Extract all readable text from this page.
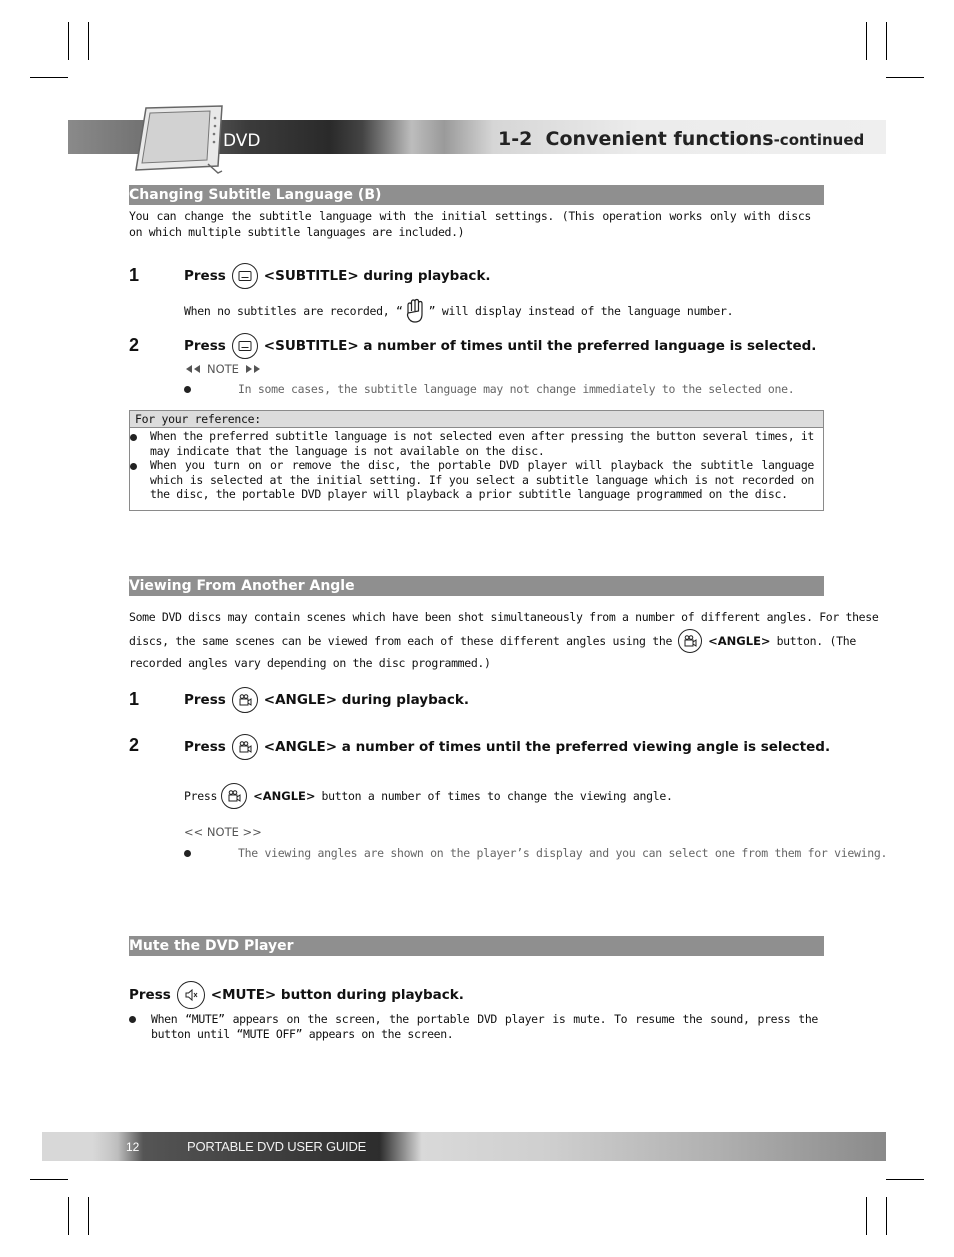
DVD	1-2  Convenient functions-continued
Changing Subtitle Language (B)
You can change the subtitle language with the initial settings. (This operation works only with discs on which multiple subtitle languages are included.)
1	Press	<SUBTITLE> during playback.
When no subtitles are recorded, “ ” will display instead of the language number.
2	Press	<SUBTITLE> a number of times until the preferred language is selected.
NOTE
In some cases, the subtitle language may not change immediately to the selected one.
For your reference:
When the preferred subtitle language is not selected even after pressing the button several times, it may indicate that the language is not available on the disc.
When you turn on or remove the disc, the portable DVD player will playback the subtitle language which is selected at the initial setting. If you select a subtitle language which is not recorded on the disc, the portable DVD player will playback a prior subtitle language programmed on the disc.
Viewing From Another Angle
Some DVD discs may contain scenes which have been shot simultaneously from a number of different angles. For these
discs, the same scenes can be viewed from each of these different angles using the	<ANGLE> button. (The
recorded angles vary depending on the disc programmed.)
1	Press	<ANGLE> during playback.
2	Press	<ANGLE> a number of times until the preferred viewing angle is selected.
Press	<ANGLE> button a number of times to change the viewing angle.
<< NOTE >>
The viewing angles are shown on the player’s display and you can select one from them for viewing.
Mute the DVD Player
Press	<MUTE> button during playback.
When “MUTE” appears on the screen, the portable DVD player is mute. To resume the sound, press the button until “MUTE OFF” appears on the screen.
12	PORTABLE DVD USER GUIDE
